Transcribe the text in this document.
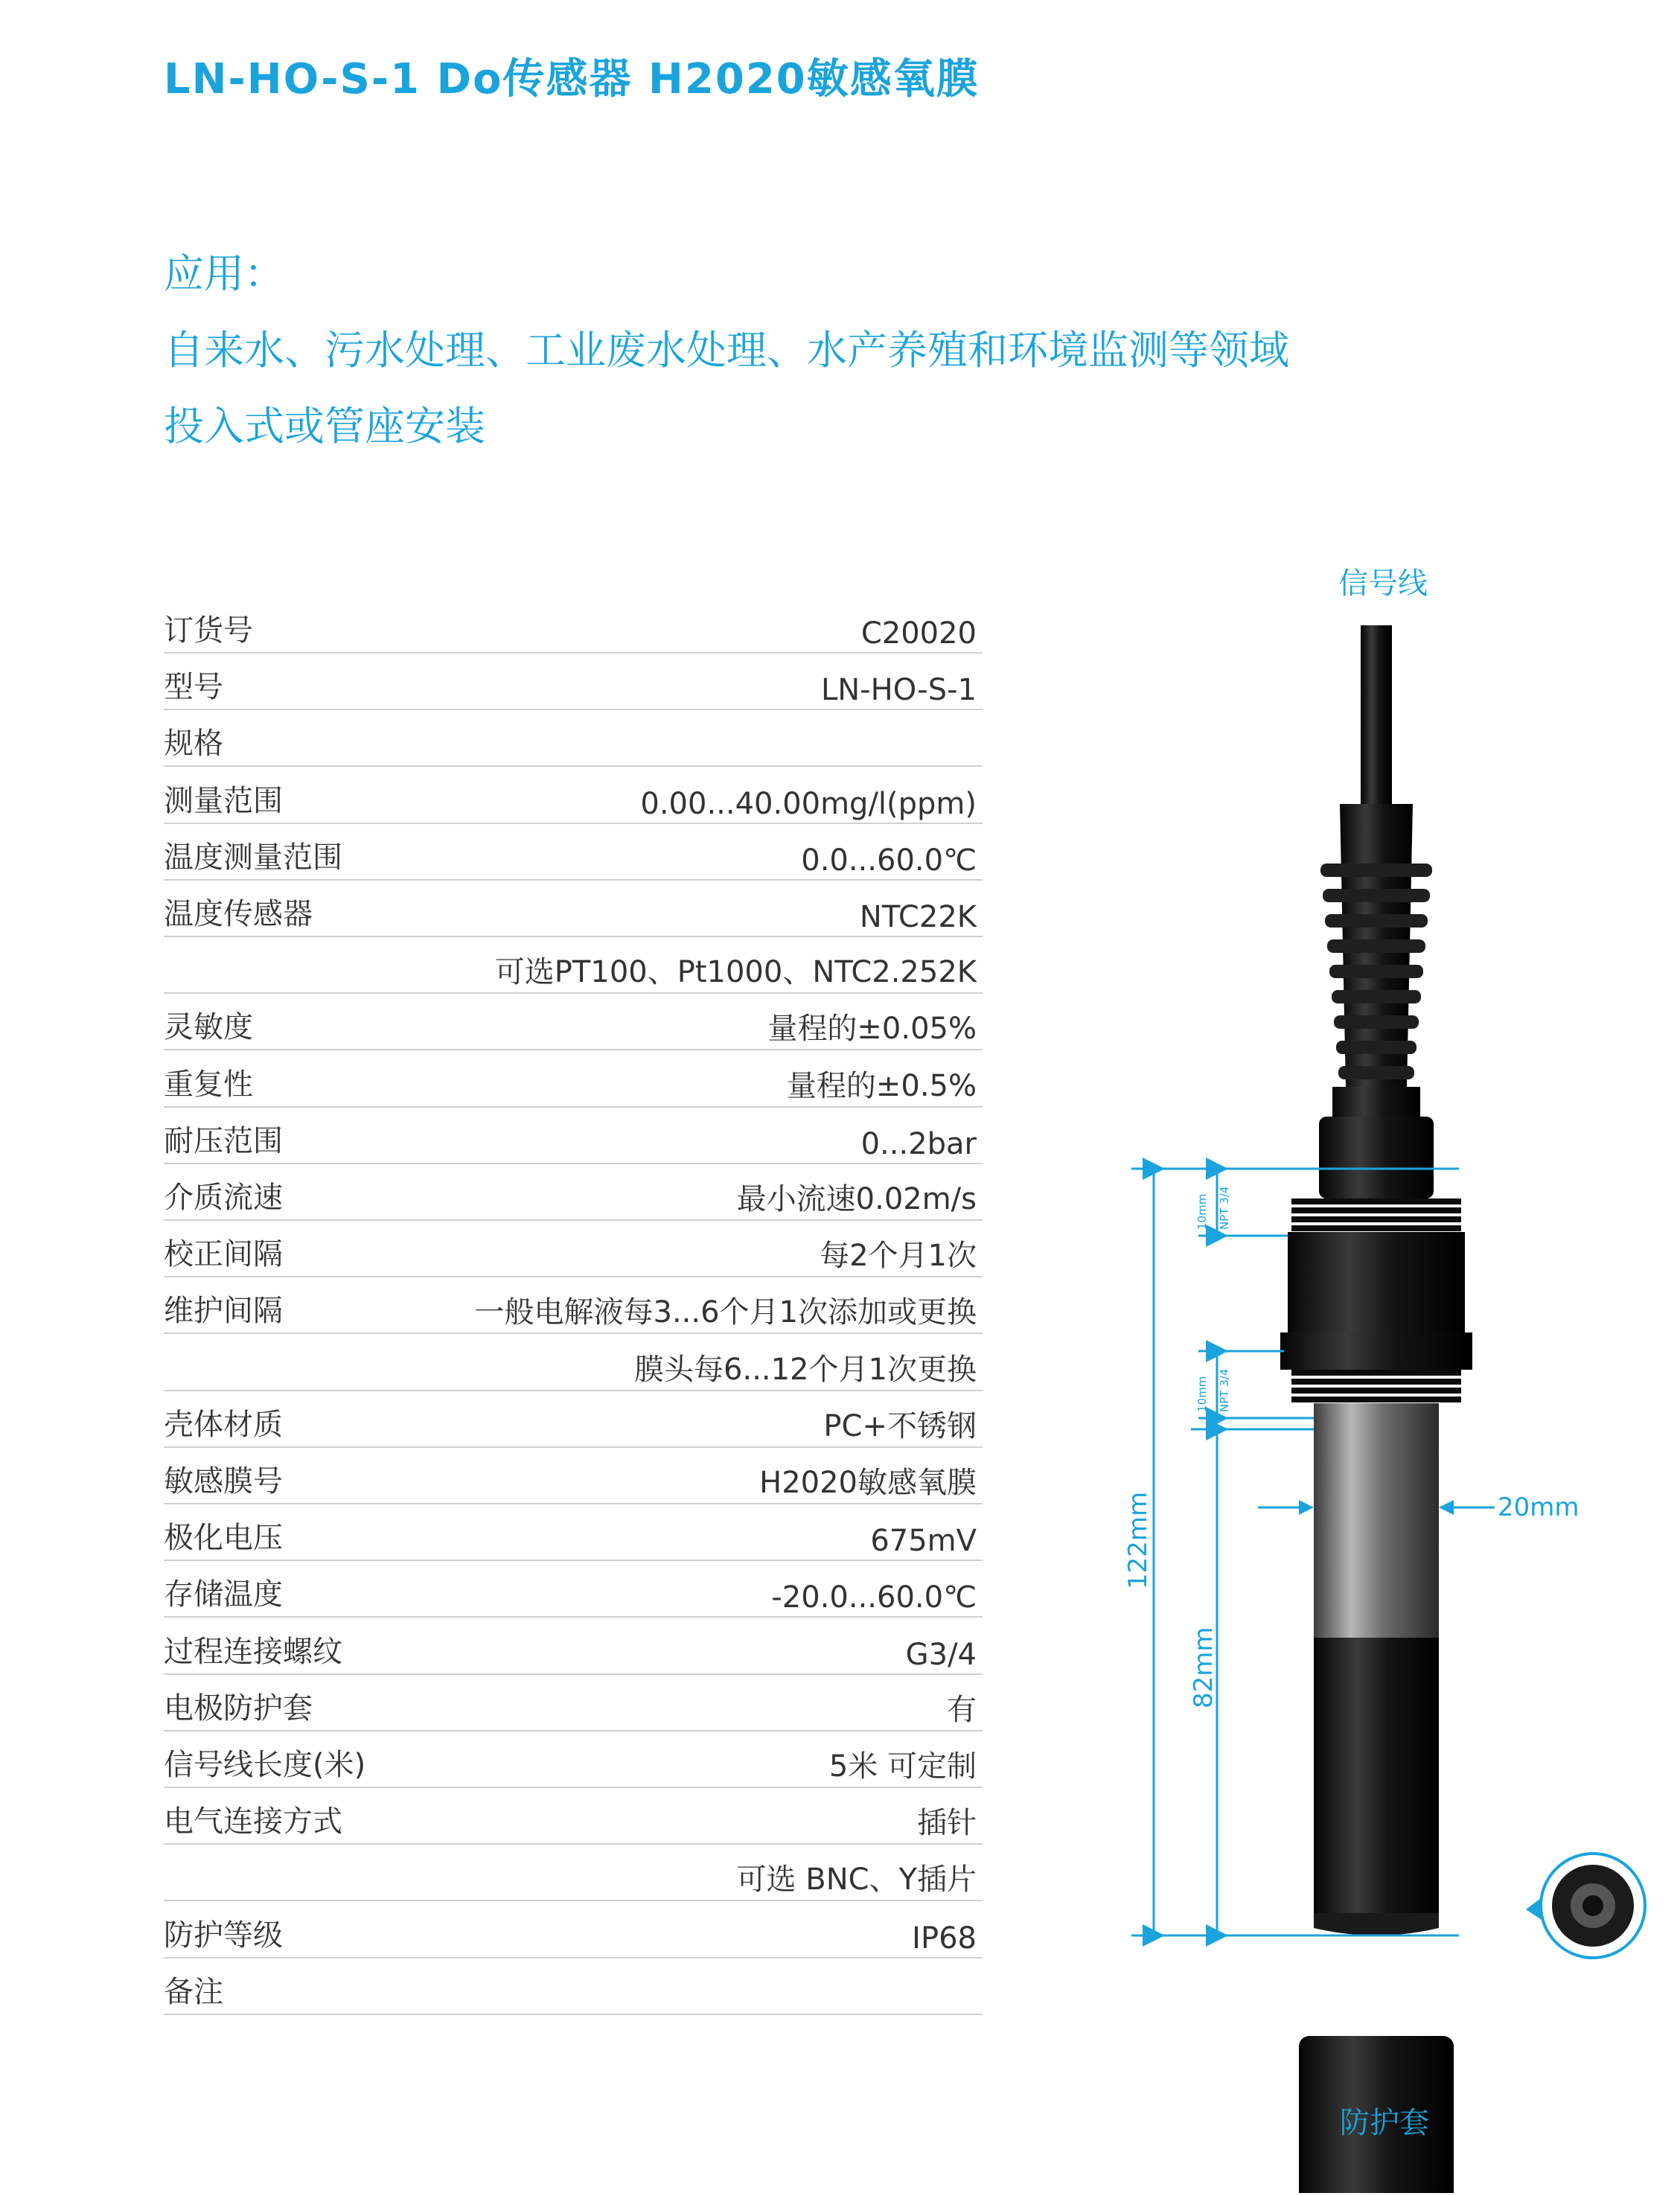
LN-HO-S-1 Do传感器 H2020敏感氧膜
应用：
自来水、污水处理、工业废水处理、水产养殖和环境监测等领域
投入式或管座安装
订货号	C20020
型号	LN-HO-S-1
规格
测量范围	0.00...40.00mg/l(ppm)
温度测量范围	0.0...60.0℃
温度传感器	NTC22K
可选PT100、Pt1000、NTC2.252K
灵敏度	量程的±0.05%
重复性	量程的±0.5%
耐压范围	0...2bar
介质流速	最小流速0.02m/s
校正间隔	每2个月1次
维护间隔	一般电解液每3...6个月1次添加或更换
膜头每6...12个月1次更换
壳体材质	PC+不锈钢
敏感膜号	H2020敏感氧膜
极化电压	675mV
存储温度	-20.0...60.0℃
过程连接螺纹	G3/4
电极防护套	有
信号线长度(米)	5米 可定制
电气连接方式	插针
可选 BNC、Y插片
防护等级	IP68
备注
信号线
防护套
122mm
82mm
20mm
10mm NPT 3/4
10mm NPT 3/4
